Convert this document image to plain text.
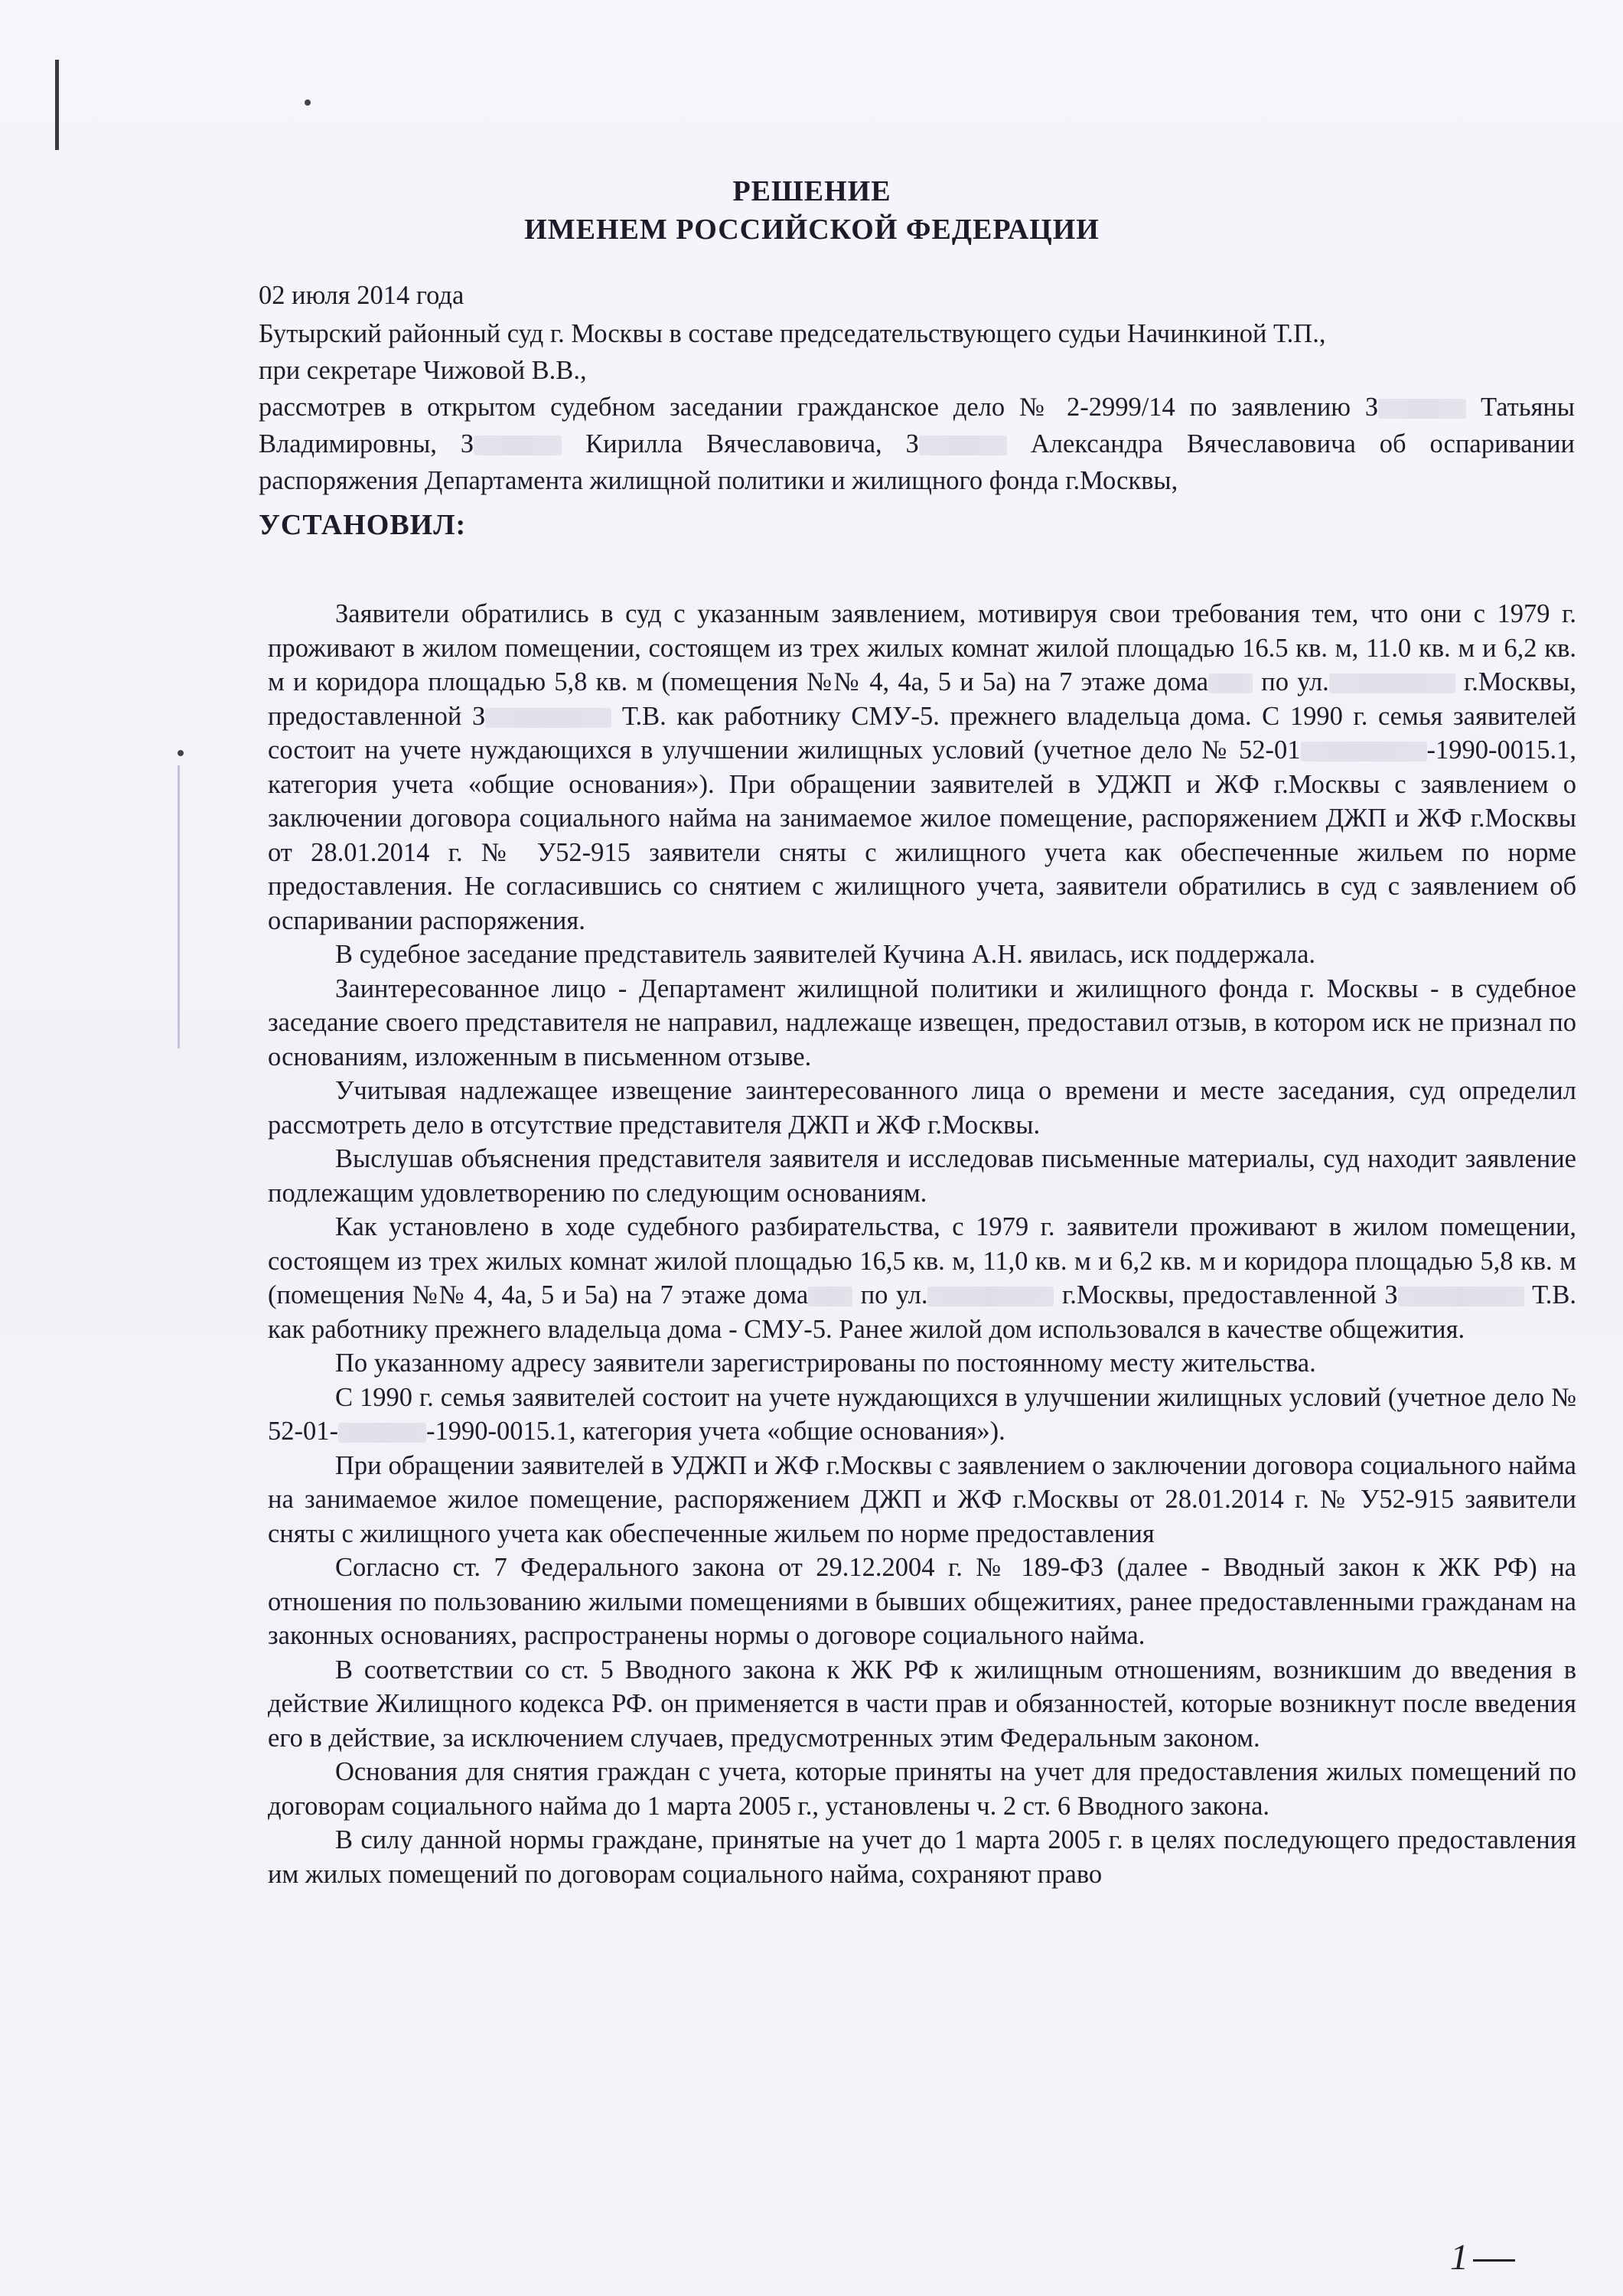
РЕШЕНИЕ

ИМЕНЕМ РОССИЙСКОЙ ФЕДЕРАЦИИ

02 июля 2014 года

Бутырский районный суд г. Москвы в составе председательствующего судьи Начинкиной Т.П.,

при секретаре Чижовой В.В.,

рассмотрев в открытом судебном заседании гражданское дело № 2-2999/14 по заявлению З	Татьяны Владимировны, З	Кирилла Вячеславовича, З	Александра Вячеславовича об оспаривании распоряжения Департамента жилищной политики и жилищного фонда г.Москвы,

УСТАНОВИЛ:

Заявители обратились в суд с указанным заявлением, мотивируя свои требования тем, что они с 1979 г. проживают в жилом помещении, состоящем из трех жилых комнат жилой площадью 16.5 кв. м, 11.0 кв. м и 6,2 кв. м и коридора площадью 5,8 кв. м (помещения №№ 4, 4а, 5 и 5а) на 7 этаже дома по ул.	г.Москвы, предоставленной З	Т.В. как работнику СМУ-5. прежнего владельца дома. С 1990 г. семья заявителей состоит на учете нуждающихся в улучшении жилищных условий (учетное дело № 52-01	-1990-0015.1, категория учета «общие основания»). При обращении заявителей в УДЖП и ЖФ г.Москвы с заявлением о заключении договора социального найма на занимаемое жилое помещение, распоряжением ДЖП и ЖФ г.Москвы от 28.01.2014 г. № У52-915 заявители сняты с жилищного учета как обеспеченные жильем по норме предоставления. Не согласившись со снятием с жилищного учета, заявители обратились в суд с заявлением об оспаривании распоряжения.

В судебное заседание представитель заявителей Кучина А.Н. явилась, иск поддержала.

Заинтересованное лицо - Департамент жилищной политики и жилищного фонда г. Москвы - в судебное заседание своего представителя не направил, надлежаще извещен, предоставил отзыв, в котором иск не признал по основаниям, изложенным в письменном отзыве.

Учитывая надлежащее извещение заинтересованного лица о времени и месте заседания, суд определил рассмотреть дело в отсутствие представителя ДЖП и ЖФ г.Москвы.

Выслушав объяснения представителя заявителя и исследовав письменные материалы, суд находит заявление подлежащим удовлетворению по следующим основаниям.

Как установлено в ходе судебного разбирательства, с 1979 г. заявители проживают в жилом помещении, состоящем из трех жилых комнат жилой площадью 16,5 кв. м, 11,0 кв. м и 6,2 кв. м и коридора площадью 5,8 кв. м (помещения №№ 4, 4а, 5 и 5а) на 7 этаже дома по ул.	г.Москвы, предоставленной З	Т.В. как работнику прежнего владельца дома - СМУ-5. Ранее жилой дом использовался в качестве общежития.

По указанному адресу заявители зарегистрированы по постоянному месту жительства.

С 1990 г. семья заявителей состоит на учете нуждающихся в улучшении жилищных условий (учетное дело № 52-01-	-1990-0015.1, категория учета «общие основания»).

При обращении заявителей в УДЖП и ЖФ г.Москвы с заявлением о заключении договора социального найма на занимаемое жилое помещение, распоряжением ДЖП и ЖФ г.Москвы от 28.01.2014 г. № У52-915 заявители сняты с жилищного учета как обеспеченные жильем по норме предоставления

Согласно ст. 7 Федерального закона от 29.12.2004 г. № 189-ФЗ (далее - Вводный закон к ЖК РФ) на отношения по пользованию жилыми помещениями в бывших общежитиях, ранее предоставленными гражданам на законных основаниях, распространены нормы о договоре социального найма.

В соответствии со ст. 5 Вводного закона к ЖК РФ к жилищным отношениям, возникшим до введения в действие Жилищного кодекса РФ. он применяется в части прав и обязанностей, которые возникнут после введения его в действие, за исключением случаев, предусмотренных этим Федеральным законом.

Основания для снятия граждан с учета, которые приняты на учет для предоставления жилых помещений по договорам социального найма до 1 марта 2005 г., установлены ч. 2 ст. 6 Вводного закона.

В силу данной нормы граждане, принятые на учет до 1 марта 2005 г. в целях последующего предоставления им жилых помещений по договорам социального найма, сохраняют право

1
